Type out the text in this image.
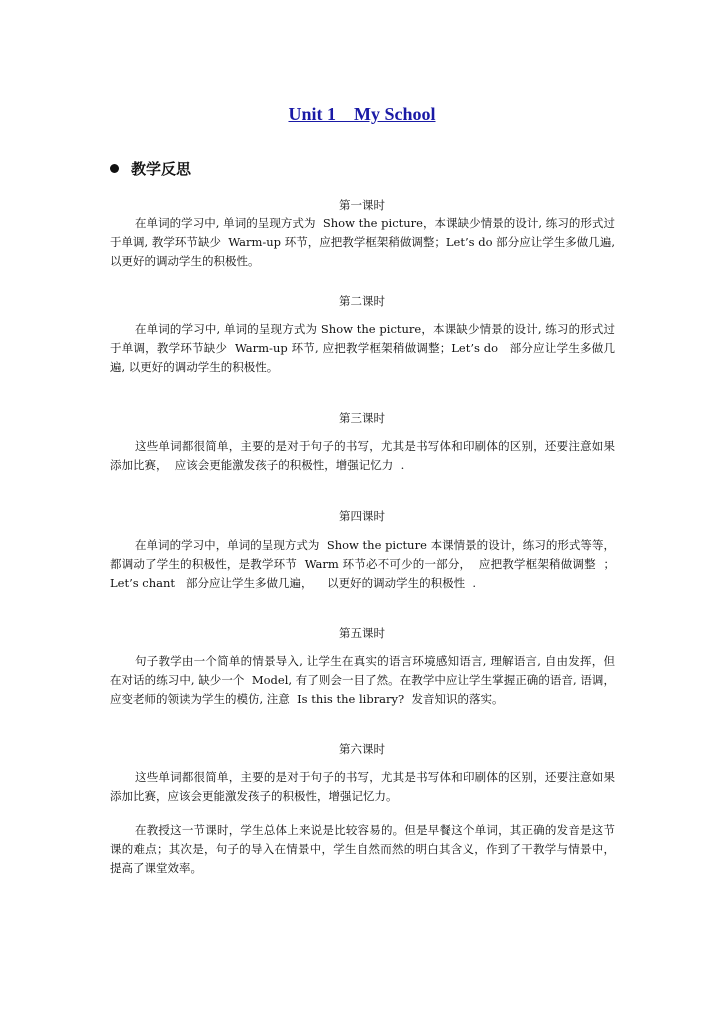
Unit 1    My School
教学反思

第一课时

在单词的学习中, 单词的呈现方式为  Show the picture，本课缺少情景的设计, 练习的形式过于单调, 教学环节缺少  Warm-up 环节，应把教学框架稍做调整；Let’s do 部分应让学生多做几遍, 以更好的调动学生的积极性。

第二课时

在单词的学习中, 单词的呈现方式为 Show the picture，本课缺少情景的设计, 练习的形式过于单调，教学环节缺少  Warm-up 环节, 应把教学框架稍做调整；Let’s do   部分应让学生多做几遍, 以更好的调动学生的积极性。

第三课时

这些单词都很简单，主要的是对于句子的书写，尤其是书写体和印刷体的区别，还要注意如果添加比赛，  应该会更能激发孩子的积极性，增强记忆力  .

第四课时

在单词的学习中，单词的呈现方式为  Show the picture 本课情景的设计，练习的形式等等，都调动了学生的积极性，是教学环节  Warm 环节必不可少的一部分，  应把教学框架稍做调整  ；Let’s chant   部分应让学生多做几遍，    以更好的调动学生的积极性  .

第五课时

句子教学由一个简单的情景导入, 让学生在真实的语言环境感知语言, 理解语言, 自由发挥，但在对话的练习中, 缺少一个  Model, 有了则会一目了然。在教学中应让学生掌握正确的语音, 语调，应变老师的领读为学生的模仿, 注意  Is this the library?  发音知识的落实。

第六课时

这些单词都很简单，主要的是对于句子的书写，尤其是书写体和印刷体的区别，还要注意如果添加比赛，应该会更能激发孩子的积极性，增强记忆力。

在教授这一节课时，学生总体上来说是比较容易的。但是早餐这个单词，其正确的发音是这节课的难点；其次是，句子的导入在情景中，学生自然而然的明白其含义，作到了干教学与情景中，提高了课堂效率。
